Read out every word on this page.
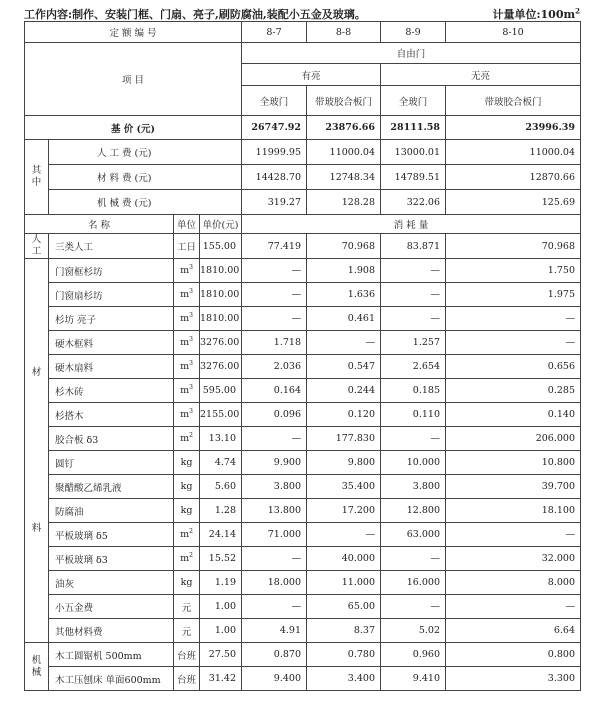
工作内容:制作、安装门框、门扇、亮子,刷防腐油,装配小五金及玻璃。	计量单位$:100m^2$
定 额 编 号				8-7	8-8	8-9	8-10
项 目				自由门			
				有亮		无亮	
				全玻门	带玻胶合板门	全玻门	带玻胶合板门
基 价 (元)				26747.92	23876.66	28111.58	23996.39

其
中	人 工 费 (元)			11999.95	11000.04	13000.01	11000.04
	材 料 费 (元)			14428.70	12748.34	14789.51	12870.66
	机 械 费 (元)			319.27	128.28	322.06	125.69
名 称		单位	单价(元)	消 耗 量			

人
工	三类人工	工日	155.00	77.419	70.968	83.871	70.968

材
料	门窗框杉坊	$m^3$	1810.00	—	1.908	—	1.750
	门窗扇杉坊	$m^3$	1810.00	—	1.636	—	1.975
	杉坊 亮子	$m^3$	1810.00	—	0.461	—	—
	硬木框料	$m^3$	3276.00	1.718	—	1.257	—
	硬木扇料	$m^3$	3276.00	2.036	0.547	2.654	0.656
	杉木砖	$m^3$	595.00	0.164	0.244	0.185	0.285
	杉搭木	$m^3$	2155.00	0.096	0.120	0.110	0.140
	胶合板 δ3	$m^2$	13.10	—	177.830	—	206.000
	圆钉	kg	4.74	9.900	9.800	10.000	10.800
	聚醋酸乙烯乳液	kg	5.60	3.800	35.400	3.800	39.700
	防腐油	kg	1.28	13.800	17.200	12.800	18.100
	平板玻璃 δ5	$m^2$	24.14	71.000	—	63.000	—
	平板玻璃 δ3	$m^2$	15.52	—	40.000	—	32.000
	油灰	kg	1.19	18.000	11.000	16.000	8.000
	小五金费	元	1.00	—	65.00	—	—
	其他材料费	元	1.00	4.91	8.37	5.02	6.64

机
械	木工圆锯机 500mm	台班	27.50	0.870	0.780	0.960	0.800
	木工压刨床 单面600mm	台班	31.42	9.400	3.400	9.410	3.300
